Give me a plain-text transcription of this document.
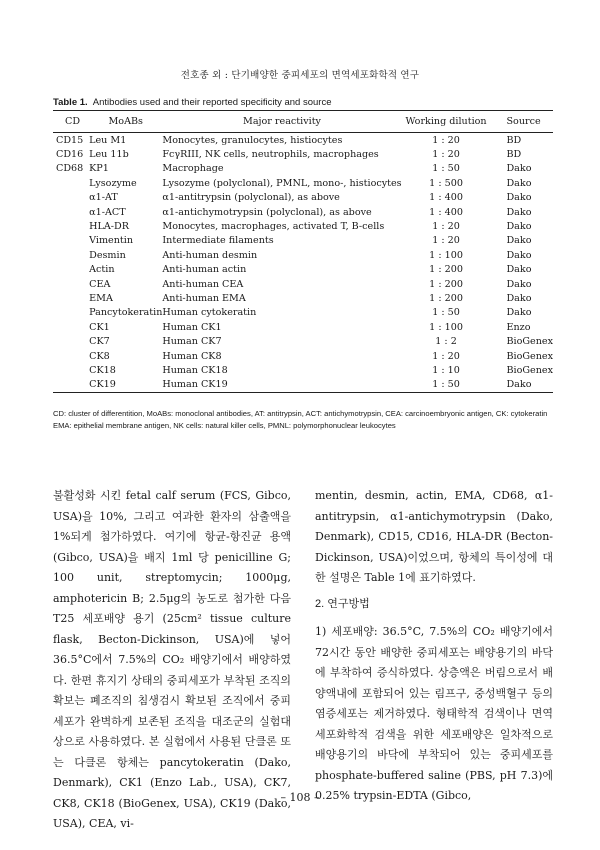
전호종 외 : 단기배양한 중피세포의 면역세포화학적 연구
Table 1. Antibodies used and their reported specificity and source
CD	MoABs	Major reactivity	Working dilution	Source
CD15	Leu M1	Monocytes, granulocytes, histiocytes	1 : 20	BD
CD16	Leu 11b	FcγRIII, NK cells, neutrophils, macrophages	1 : 20	BD
CD68	KP1	Macrophage	1 : 50	Dako
	Lysozyme	Lysozyme (polyclonal), PMNL, mono-, histiocytes	1 : 500	Dako
	α1-AT	α1-antitrypsin (polyclonal), as above	1 : 400	Dako
	α1-ACT	α1-antichymotrypsin (polyclonal), as above	1 : 400	Dako
	HLA-DR	Monocytes, macrophages, activated T, B-cells	1 : 20	Dako
	Vimentin	Intermediate filaments	1 : 20	Dako
	Desmin	Anti-human desmin	1 : 100	Dako
	Actin	Anti-human actin	1 : 200	Dako
	CEA	Anti-human CEA	1 : 200	Dako
	EMA	Anti-human EMA	1 : 200	Dako
	Pancytokeratin	Human cytokeratin	1 : 50	Dako
	CK1	Human CK1	1 : 100	Enzo
	CK7	Human CK7	1 : 2	BioGenex
	CK8	Human CK8	1 : 20	BioGenex
	CK18	Human CK18	1 : 10	BioGenex
	CK19	Human CK19	1 : 50	Dako
CD: cluster of differentition, MoABs: monoclonal antibodies, AT: antitrypsin, ACT: antichymotrypsin, CEA: carcinoembryonic antigen, CK: cytokeratin EMA: epithelial membrane antigen, NK cells: natural killer cells, PMNL: polymorphonuclear leukocytes

불활성화 시킨 fetal calf serum (FCS, Gibco, USA)을 10%, 그리고 여과한 환자의 삼출액을 1%되게 첨가하였다. 여기에 항균-항진균 용액(Gibco, USA)을 배지 1ml 당 penicilline G; 100 unit, streptomycin; 1000μg, amphotericin B; 2.5μg의 농도로 첨가한 다음 T25 세포배양 용기 (25cm² tissue culture flask, Becton-Dickinson, USA)에 넣어 36.5°C에서 7.5%의 CO₂ 배양기에서 배양하였다. 한편 휴지기 상태의 중피세포가 부착된 조직의 확보는 폐조직의 침생검시 확보된 조직에서 중피세포가 완벽하게 보존된 조직을 대조군의 실험대상으로 사용하였다. 본 실험에서 사용된 단클론 또는 다클론 항체는 pancytokeratin (Dako, Denmark), CK1 (Enzo Lab., USA), CK7, CK8, CK18 (BioGenex, USA), CK19 (Dako, USA), CEA, vi-

mentin, desmin, actin, EMA, CD68, α1-antitrypsin, α1-antichymotrypsin (Dako, Denmark), CD15, CD16, HLA-DR (Becton-Dickinson, USA)이었으며, 항체의 특이성에 대한 설명은 Table 1에 표기하였다.

2. 연구방법

1) 세포배양: 36.5°C, 7.5%의 CO₂ 배양기에서 72시간 동안 배양한 중피세포는 배양용기의 바닥에 부착하여 증식하였다. 상층액은 버림으로서 배양액내에 포함되어 있는 림프구, 중성백혈구 등의 염증세포는 제거하였다. 형태학적 검색이나 면역세포화학적 검색을 위한 세포배양은 일차적으로 배양용기의 바닥에 부착되어 있는 중피세포를 phosphate-buffered saline (PBS, pH 7.3)에 0.25% trypsin-EDTA (Gibco,

– 108 –
